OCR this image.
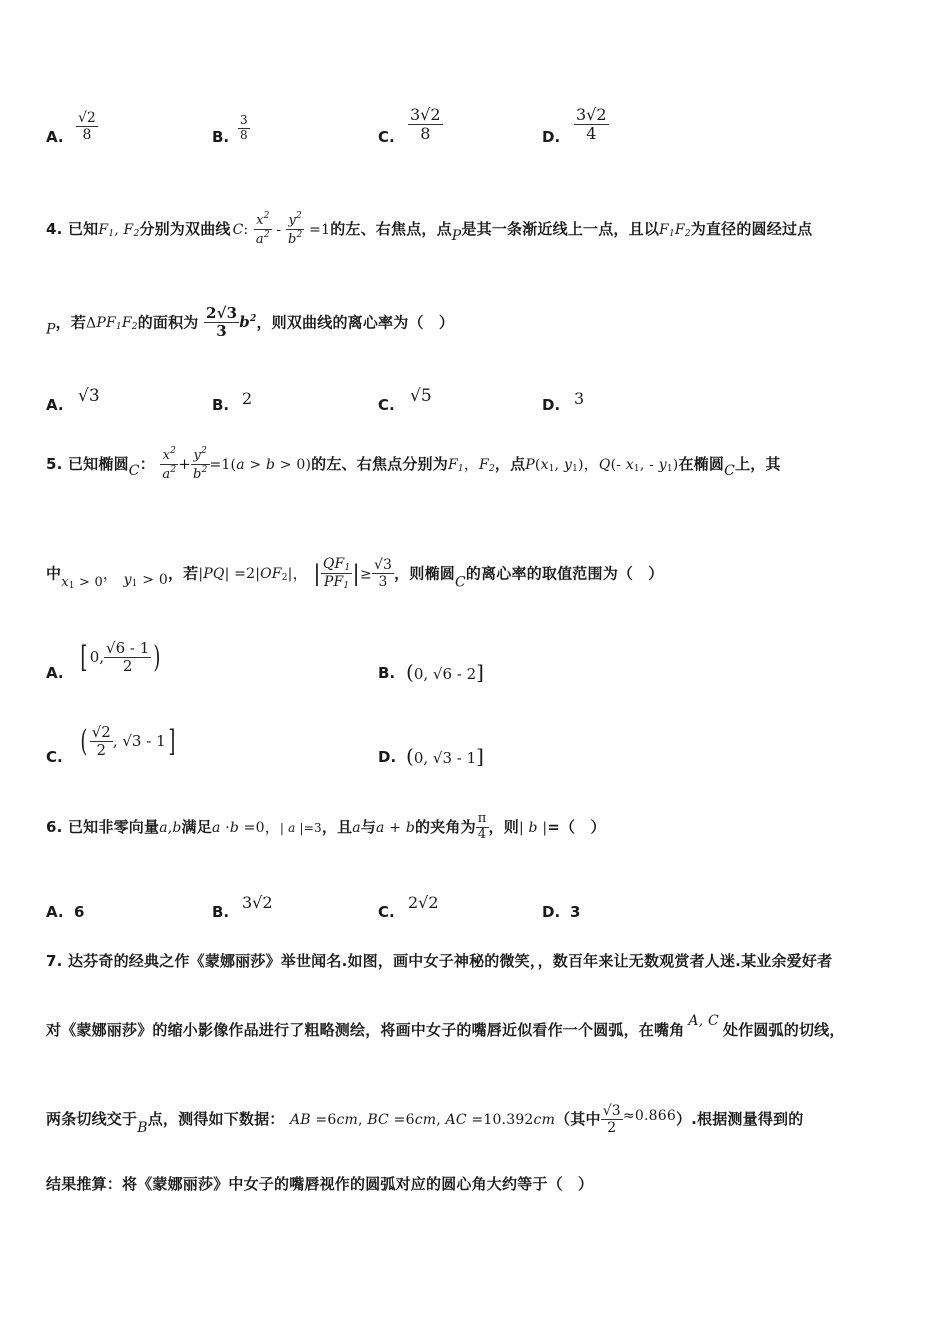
A. $\frac{√2}{8}$	B. $\frac{3}{8}$	C. $\frac{3√2}{8}$	D. $\frac{3√2}{4}$
4. 已知$F_1$, $F_2$分别为双曲线 C: $\frac{x^2}{a^2} - \frac{y^2}{b^2} =1$的左、右焦点，点P是其一条渐近线上一点，且以$F_1F_2$为直径的圆经过点
P，若$\Delta PF_1F_2$的面积为 $\frac{2√3}{3} b^2$，则双曲线的离心率为（　）
A. √3	B. 2	C. √5	D. 3
5. 已知椭圆C： $\frac{x^2}{a^2} + \frac{y^2}{b^2} =1(a > b > 0)$的左、右焦点分别为$F_1$，$F_2$，点$P(x_1$, $y_1$)，Q(- $x_1$, - $y_1$)在椭圆C上，其
中$x_1 > 0$， $y_1 > 0$，若$|PQ| =2|OF_2|$， | $\frac{QF_1}{PF_1}$ |≥ $\frac{√3}{3}$ ，则椭圆C的离心率的取值范围为（　）
A. [ 0, $\frac{√6 - 1}{2}$ )	B. (0, √6 - 2]
C. ( $\frac{√2}{2}$ , √3 - 1]	D. (0, √3 - 1]
6. 已知非零向量a,b满足a ·b =0，| a |=3，且a与a + b的夹角为 $\frac{\pi}{4}$ ，则| b |=（　）
A. 6	B. 3√2	C. 2√2	D. 3
7. 达芬奇的经典之作《蒙娜丽莎》举世闻名.如图，画中女子神秘的微笑，，数百年来让无数观赏者人迷.某业余爱好者
对《蒙娜丽莎》的缩小影像作品进行了粗略测绘，将画中女子的嘴唇近似看作一个圆弧，在嘴角 A, C 处作圆弧的切线，
两条切线交于B点，测得如下数据： AB =6cm, BC =6cm, AC =10.392cm（其中 $\frac{√3}{2} \approx 0.866$）.根据测量得到的
结果推算：将《蒙娜丽莎》中女子的嘴唇视作的圆弧对应的圆心角大约等于（　）
